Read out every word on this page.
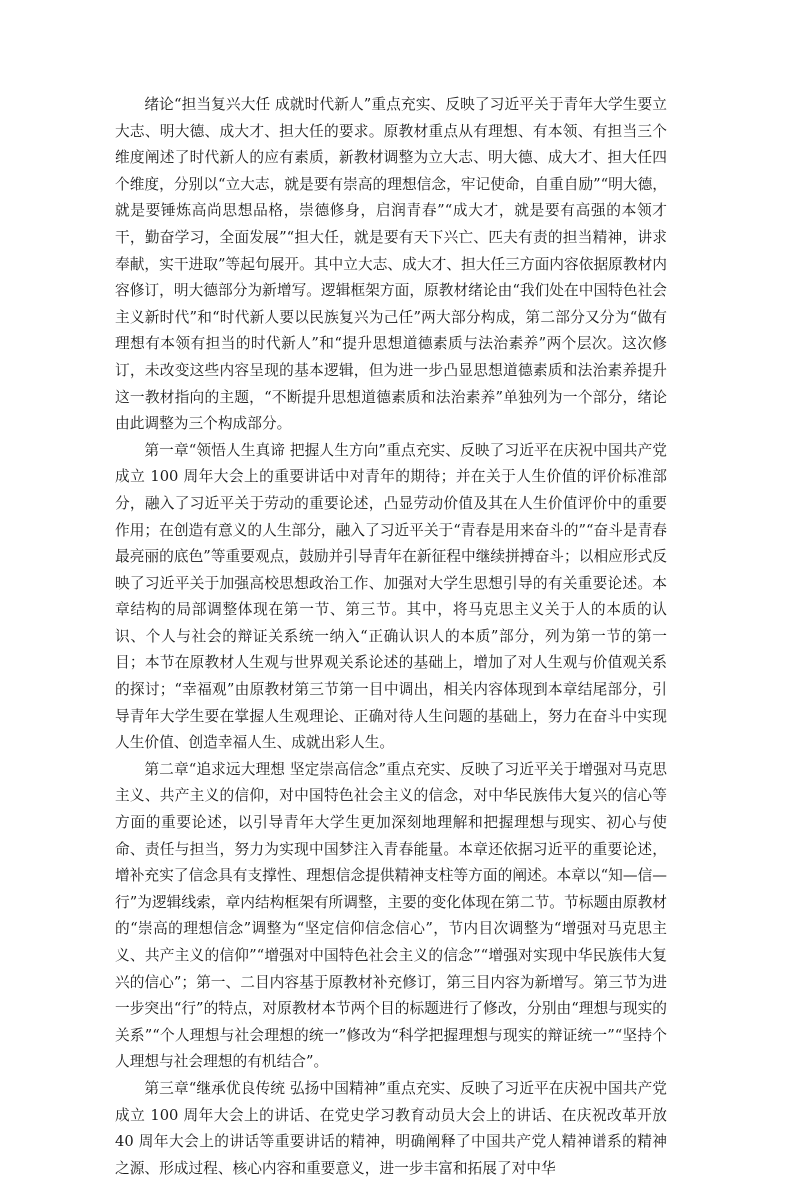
绪论“担当复兴大任 成就时代新人”重点充实、反映了习近平关于青年大学生要立大志、明大德、成大才、担大任的要求。原教材重点从有理想、有本领、有担当三个维度阐述了时代新人的应有素质，新教材调整为立大志、明大德、成大才、担大任四个维度，分别以“立大志，就是要有崇高的理想信念，牢记使命，自重自励”“明大德，就是要锤炼高尚思想品格，崇德修身，启润青春”“成大才，就是要有高强的本领才干，勤奋学习，全面发展”“担大任，就是要有天下兴亡、匹夫有责的担当精神，讲求奉献，实干进取”等起句展开。其中立大志、成大才、担大任三方面内容依据原教材内容修订，明大德部分为新增写。逻辑框架方面，原教材绪论由“我们处在中国特色社会主义新时代”和“时代新人要以民族复兴为己任”两大部分构成，第二部分又分为“做有理想有本领有担当的时代新人”和“提升思想道德素质与法治素养”两个层次。这次修订，未改变这些内容呈现的基本逻辑，但为进一步凸显思想道德素质和法治素养提升这一教材指向的主题，“不断提升思想道德素质和法治素养”单独列为一个部分，绪论由此调整为三个构成部分。

第一章“领悟人生真谛 把握人生方向”重点充实、反映了习近平在庆祝中国共产党成立 100 周年大会上的重要讲话中对青年的期待；并在关于人生价值的评价标准部分，融入了习近平关于劳动的重要论述，凸显劳动价值及其在人生价值评价中的重要作用；在创造有意义的人生部分，融入了习近平关于“青春是用来奋斗的”“奋斗是青春最亮丽的底色”等重要观点，鼓励并引导青年在新征程中继续拼搏奋斗；以相应形式反映了习近平关于加强高校思想政治工作、加强对大学生思想引导的有关重要论述。本章结构的局部调整体现在第一节、第三节。其中，将马克思主义关于人的本质的认识、个人与社会的辩证关系统一纳入“正确认识人的本质”部分，列为第一节的第一目；本节在原教材人生观与世界观关系论述的基础上，增加了对人生观与价值观关系的探讨；“幸福观”由原教材第三节第一目中调出，相关内容体现到本章结尾部分，引导青年大学生要在掌握人生观理论、正确对待人生问题的基础上，努力在奋斗中实现人生价值、创造幸福人生、成就出彩人生。

第二章“追求远大理想 坚定崇高信念”重点充实、反映了习近平关于增强对马克思主义、共产主义的信仰，对中国特色社会主义的信念，对中华民族伟大复兴的信心等方面的重要论述，以引导青年大学生更加深刻地理解和把握理想与现实、初心与使命、责任与担当，努力为实现中国梦注入青春能量。本章还依据习近平的重要论述，增补充实了信念具有支撑性、理想信念提供精神支柱等方面的阐述。本章以“知—信—行”为逻辑线索，章内结构框架有所调整，主要的变化体现在第二节。节标题由原教材的“崇高的理想信念”调整为“坚定信仰信念信心”，节内目次调整为“增强对马克思主义、共产主义的信仰”“增强对中国特色社会主义的信念”“增强对实现中华民族伟大复兴的信心”；第一、二目内容基于原教材补充修订，第三目内容为新增写。第三节为进一步突出“行”的特点，对原教材本节两个目的标题进行了修改，分别由“理想与现实的关系”“个人理想与社会理想的统一”修改为“科学把握理想与现实的辩证统一”“坚持个人理想与社会理想的有机结合”。

第三章“继承优良传统 弘扬中国精神”重点充实、反映了习近平在庆祝中国共产党成立 100 周年大会上的讲话、在党史学习教育动员大会上的讲话、在庆祝改革开放 40 周年大会上的讲话等重要讲话的精神，明确阐释了中国共产党人精神谱系的精神之源、形成过程、核心内容和重要意义，进一步丰富和拓展了对中华
